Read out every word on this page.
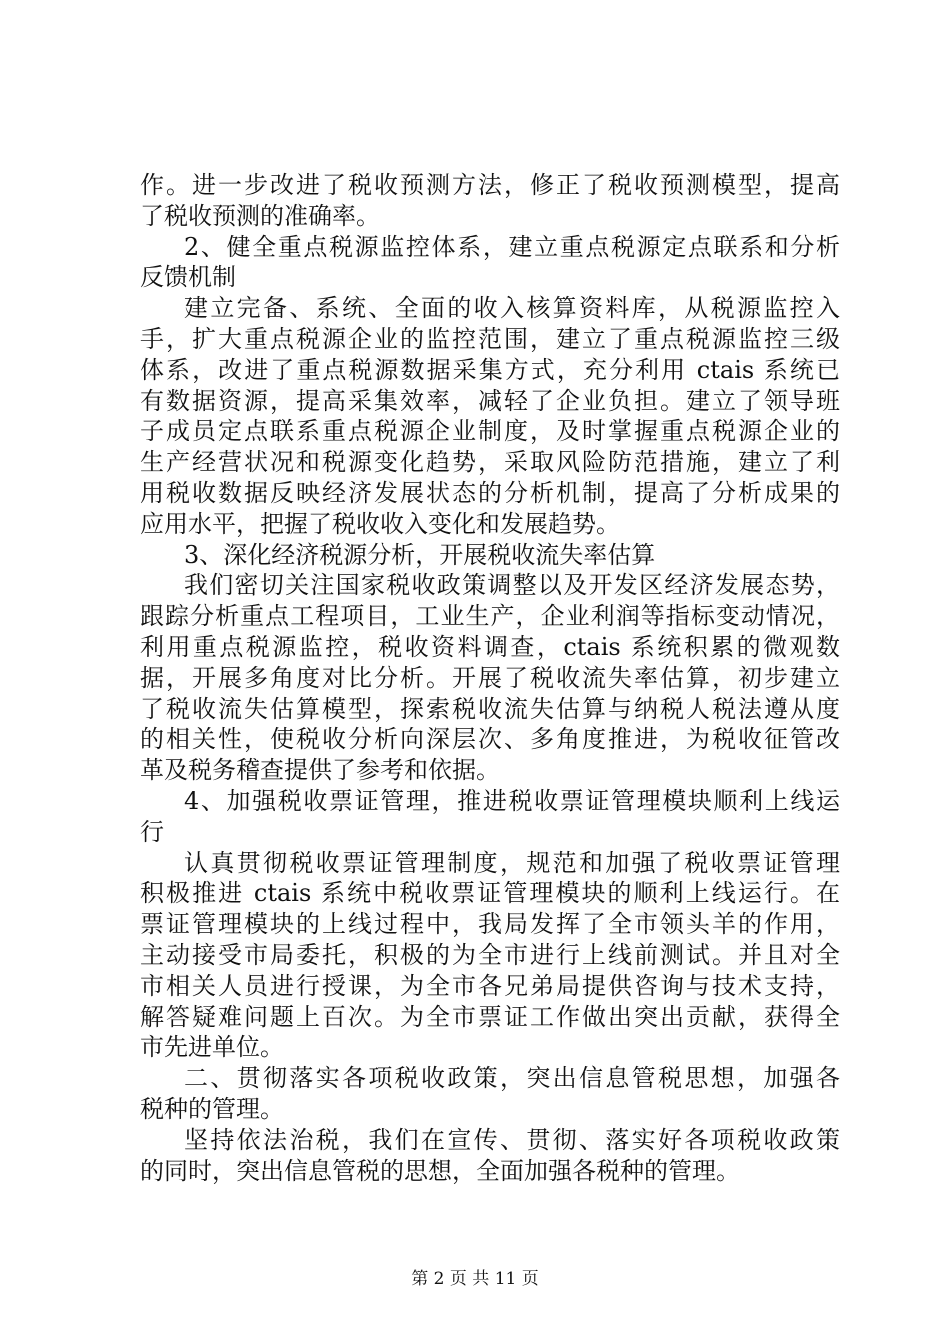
作。进一步改进了税收预测方法，修正了税收预测模型，提高
了税收预测的准确率。
2、健全重点税源监控体系，建立重点税源定点联系和分析
反馈机制
建立完备、系统、全面的收入核算资料库，从税源监控入
手，扩大重点税源企业的监控范围，建立了重点税源监控三级
体系，改进了重点税源数据采集方式，充分利用 ctais 系统已
有数据资源，提高采集效率，减轻了企业负担。建立了领导班
子成员定点联系重点税源企业制度，及时掌握重点税源企业的
生产经营状况和税源变化趋势，采取风险防范措施，建立了利
用税收数据反映经济发展状态的分析机制，提高了分析成果的
应用水平，把握了税收收入变化和发展趋势。
3、深化经济税源分析，开展税收流失率估算
我们密切关注国家税收政策调整以及开发区经济发展态势，
跟踪分析重点工程项目，工业生产，企业利润等指标变动情况，
利用重点税源监控，税收资料调查，ctais 系统积累的微观数
据，开展多角度对比分析。开展了税收流失率估算，初步建立
了税收流失估算模型，探索税收流失估算与纳税人税法遵从度
的相关性，使税收分析向深层次、多角度推进，为税收征管改
革及税务稽查提供了参考和依据。
4、加强税收票证管理，推进税收票证管理模块顺利上线运
行
认真贯彻税收票证管理制度，规范和加强了税收票证管理
积极推进 ctais 系统中税收票证管理模块的顺利上线运行。在
票证管理模块的上线过程中，我局发挥了全市领头羊的作用，
主动接受市局委托，积极的为全市进行上线前测试。并且对全
市相关人员进行授课，为全市各兄弟局提供咨询与技术支持，
解答疑难问题上百次。为全市票证工作做出突出贡献，获得全
市先进单位。
二、贯彻落实各项税收政策，突出信息管税思想，加强各
税种的管理。
坚持依法治税，我们在宣传、贯彻、落实好各项税收政策
的同时，突出信息管税的思想，全面加强各税种的管理。
第 2 页 共 11 页
